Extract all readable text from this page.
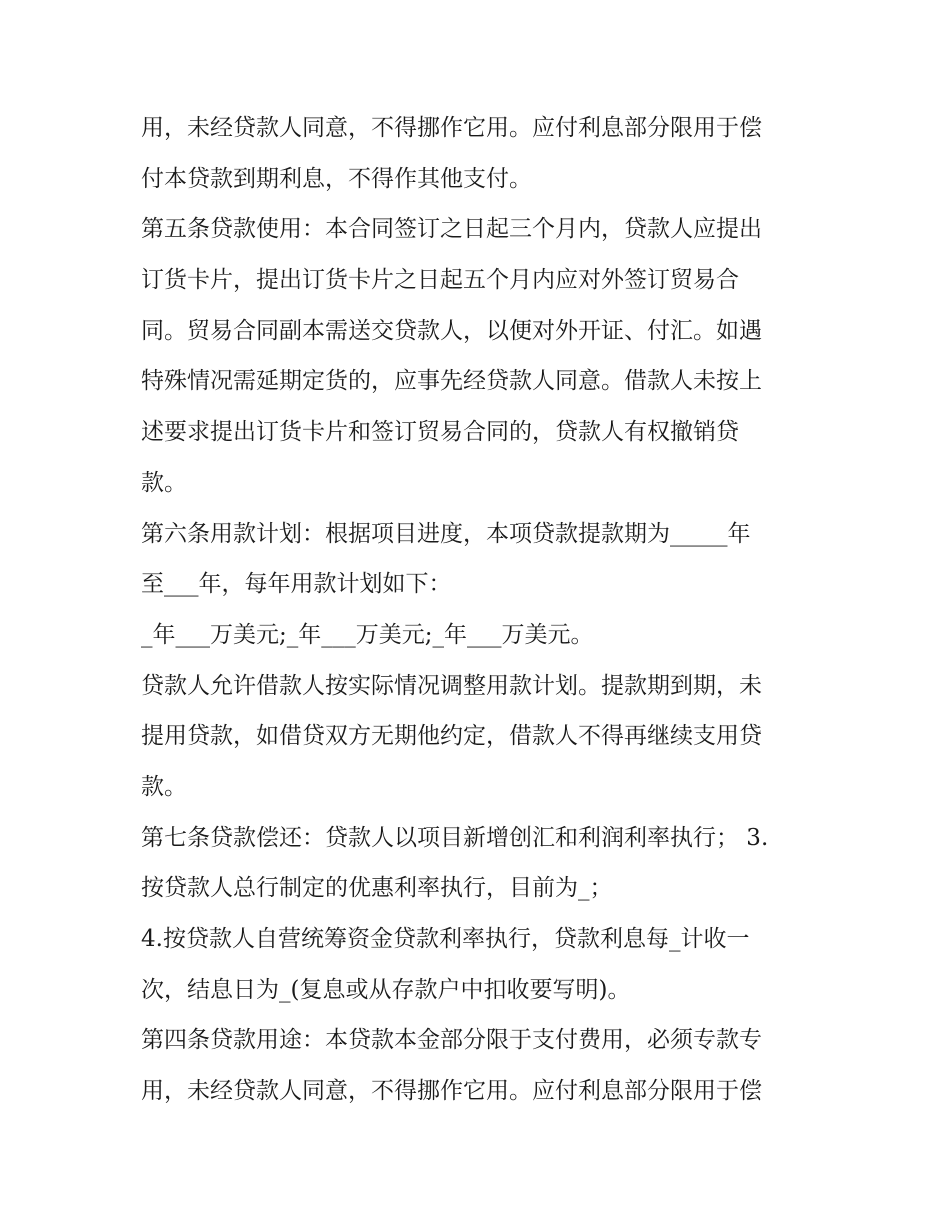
用，未经贷款人同意，不得挪作它用。应付利息部分限用于偿
付本贷款到期利息，不得作其他支付。
第五条贷款使用：本合同签订之日起三个月内，贷款人应提出
订货卡片，提出订货卡片之日起五个月内应对外签订贸易合
同。贸易合同副本需送交贷款人，以便对外开证、付汇。如遇
特殊情况需延期定货的，应事先经贷款人同意。借款人未按上
述要求提出订货卡片和签订贸易合同的，贷款人有权撤销贷
款。
第六条用款计划：根据项目进度，本项贷款提款期为_____年
至___年，每年用款计划如下：
_年___万美元;_年___万美元;_年___万美元。
贷款人允许借款人按实际情况调整用款计划。提款期到期，未
提用贷款，如借贷双方无期他约定，借款人不得再继续支用贷
款。
第七条贷款偿还：贷款人以项目新增创汇和利润利率执行； 3.
按贷款人总行制定的优惠利率执行，目前为_；
4.按贷款人自营统筹资金贷款利率执行，贷款利息每_计收一
次，结息日为_(复息或从存款户中扣收要写明)。
第四条贷款用途：本贷款本金部分限于支付费用，必须专款专
用，未经贷款人同意，不得挪作它用。应付利息部分限用于偿
